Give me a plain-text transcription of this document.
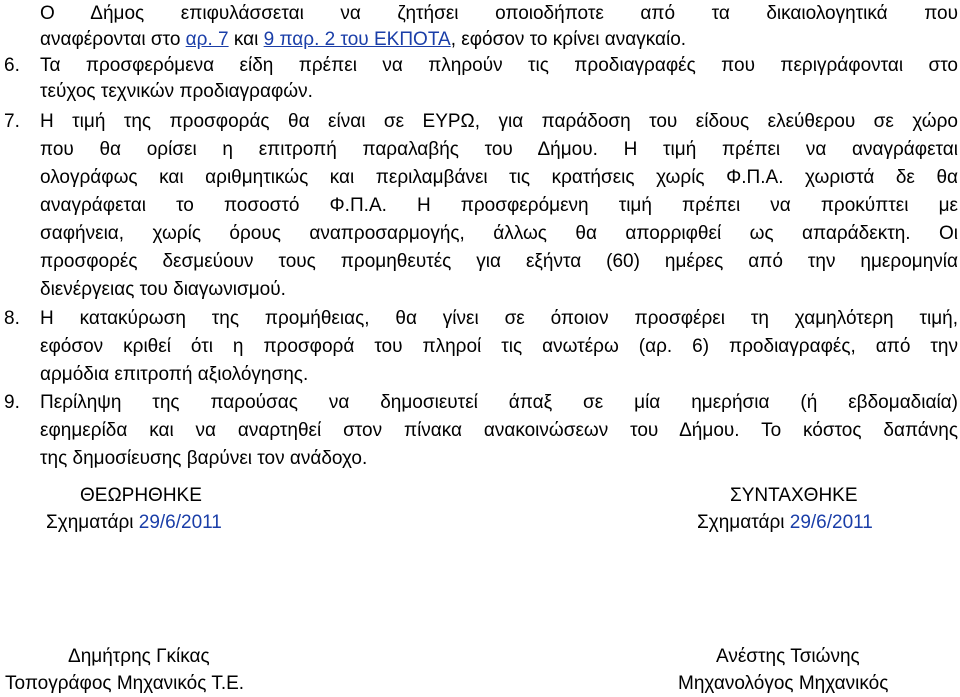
Ο Δήμος επιφυλάσσεται να ζητήσει οποιοδήποτε από τα δικαιολογητικά που
αναφέρονται στο αρ. 7 και 9 παρ. 2 του ΕΚΠΟΤΑ, εφόσον το κρίνει αναγκαίο.
6.	Τα προσφερόμενα είδη πρέπει να πληρούν τις προδιαγραφές που περιγράφονται στο
τεύχος τεχνικών προδιαγραφών.
7.	Η τιμή της προσφοράς θα είναι σε ΕΥΡΩ, για παράδοση του είδους ελεύθερου σε χώρο
που θα ορίσει η επιτροπή παραλαβής του Δήμου. Η τιμή πρέπει να αναγράφεται
ολογράφως και αριθμητικώς και περιλαμβάνει τις κρατήσεις χωρίς Φ.Π.Α. χωριστά δε θα
αναγράφεται το ποσοστό Φ.Π.Α. Η προσφερόμενη τιμή πρέπει να προκύπτει με
σαφήνεια, χωρίς όρους αναπροσαρμογής, άλλως θα απορριφθεί ως απαράδεκτη. Οι
προσφορές δεσμεύουν τους προμηθευτές για εξήντα (60) ημέρες από την ημερομηνία
διενέργειας του διαγωνισμού.
8.	Η κατακύρωση της προμήθειας, θα γίνει σε όποιον προσφέρει τη χαμηλότερη τιμή,
εφόσον κριθεί ότι η προσφορά του πληροί τις ανωτέρω (αρ. 6) προδιαγραφές, από την
αρμόδια επιτροπή αξιολόγησης.
9.	Περίληψη της παρούσας να δημοσιευτεί άπαξ σε μία ημερήσια (ή εβδομαδιαία)
εφημερίδα και να αναρτηθεί στον πίνακα ανακοινώσεων του Δήμου. Το κόστος δαπάνης
της δημοσίευσης βαρύνει τον ανάδοχο.
ΘΕΩΡΗΘΗΚΕ
Σχηματάρι 29/6/2011
Δημήτρης Γκίκας
Τοπογράφος Μηχανικός Τ.Ε.
ΣΥΝΤΑΧΘΗΚΕ
Σχηματάρι 29/6/2011
Ανέστης Τσιώνης
Μηχανολόγος Μηχανικός
